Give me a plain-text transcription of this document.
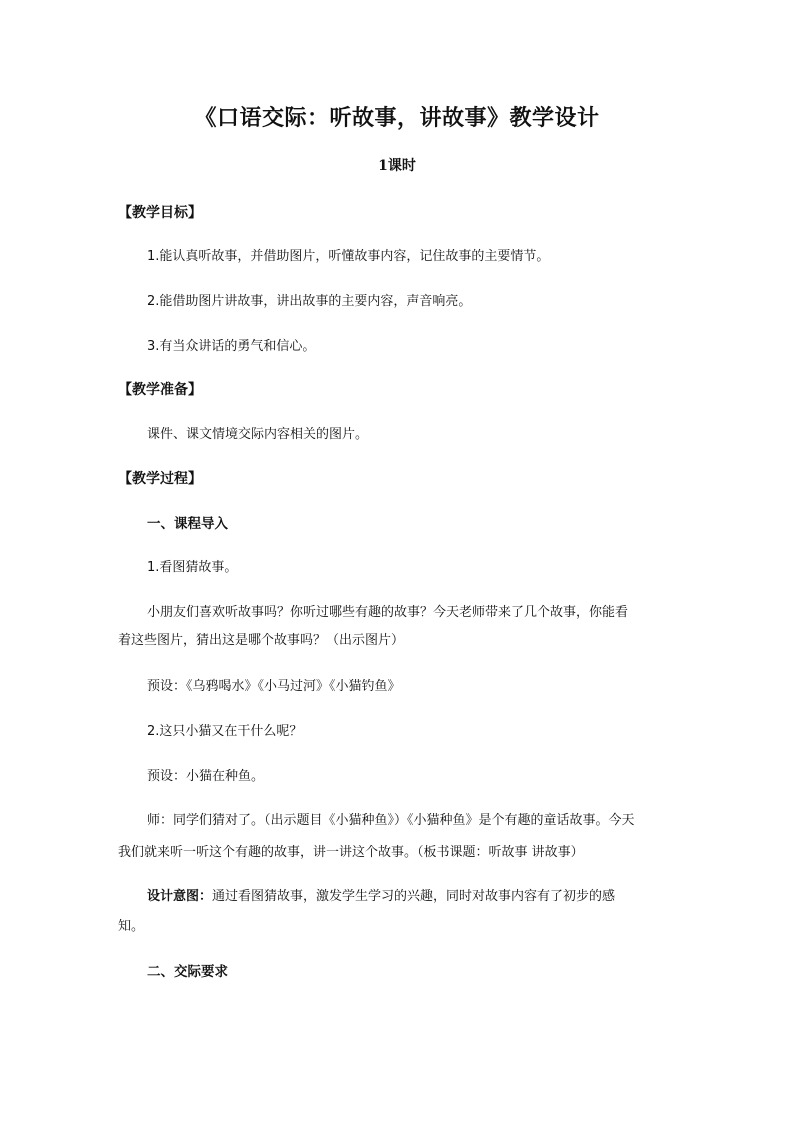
《口语交际：听故事，讲故事》教学设计
1课时
【教学目标】
1.能认真听故事，并借助图片，听懂故事内容，记住故事的主要情节。
2.能借助图片讲故事，讲出故事的主要内容，声音响亮。
3.有当众讲话的勇气和信心。
【教学准备】
课件、课文情境交际内容相关的图片。
【教学过程】
一、课程导入
1.看图猜故事。
小朋友们喜欢听故事吗？你听过哪些有趣的故事？今天老师带来了几个故事，你能看
着这些图片，猜出这是哪个故事吗？（出示图片）
预设：《乌鸦喝水》《小马过河》《小猫钓鱼》
2.这只小猫又在干什么呢？
预设：小猫在种鱼。
师：同学们猜对了。（出示题目《小猫种鱼》）《小猫种鱼》是个有趣的童话故事。今天
我们就来听一听这个有趣的故事，讲一讲这个故事。（板书课题：听故事 讲故事）
设计意图：通过看图猜故事，激发学生学习的兴趣，同时对故事内容有了初步的感
知。
二、交际要求
